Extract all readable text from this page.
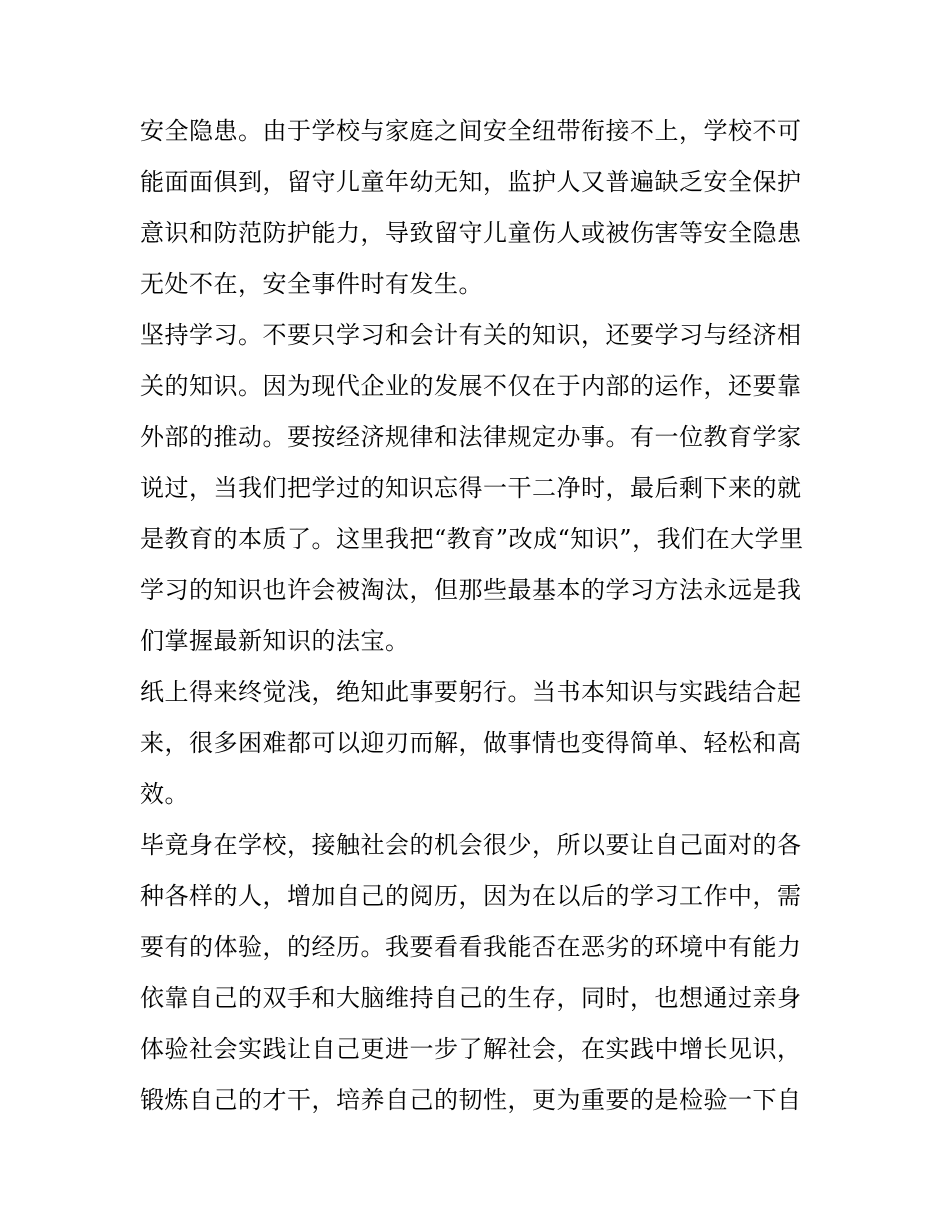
安全隐患。由于学校与家庭之间安全纽带衔接不上，学校不可
能面面俱到，留守儿童年幼无知，监护人又普遍缺乏安全保护
意识和防范防护能力，导致留守儿童伤人或被伤害等安全隐患
无处不在，安全事件时有发生。
坚持学习。不要只学习和会计有关的知识，还要学习与经济相
关的知识。因为现代企业的发展不仅在于内部的运作，还要靠
外部的推动。要按经济规律和法律规定办事。有一位教育学家
说过，当我们把学过的知识忘得一干二净时，最后剩下来的就
是教育的本质了。这里我把“教育”改成“知识”，我们在大学里
学习的知识也许会被淘汰，但那些最基本的学习方法永远是我
们掌握最新知识的法宝。
纸上得来终觉浅，绝知此事要躬行。当书本知识与实践结合起
来，很多困难都可以迎刃而解，做事情也变得简单、轻松和高
效。
毕竟身在学校，接触社会的机会很少，所以要让自己面对的各
种各样的人，增加自己的阅历，因为在以后的学习工作中，需
要有的体验，的经历。我要看看我能否在恶劣的环境中有能力
依靠自己的双手和大脑维持自己的生存，同时，也想通过亲身
体验社会实践让自己更进一步了解社会，在实践中增长见识，
锻炼自己的才干，培养自己的韧性，更为重要的是检验一下自
